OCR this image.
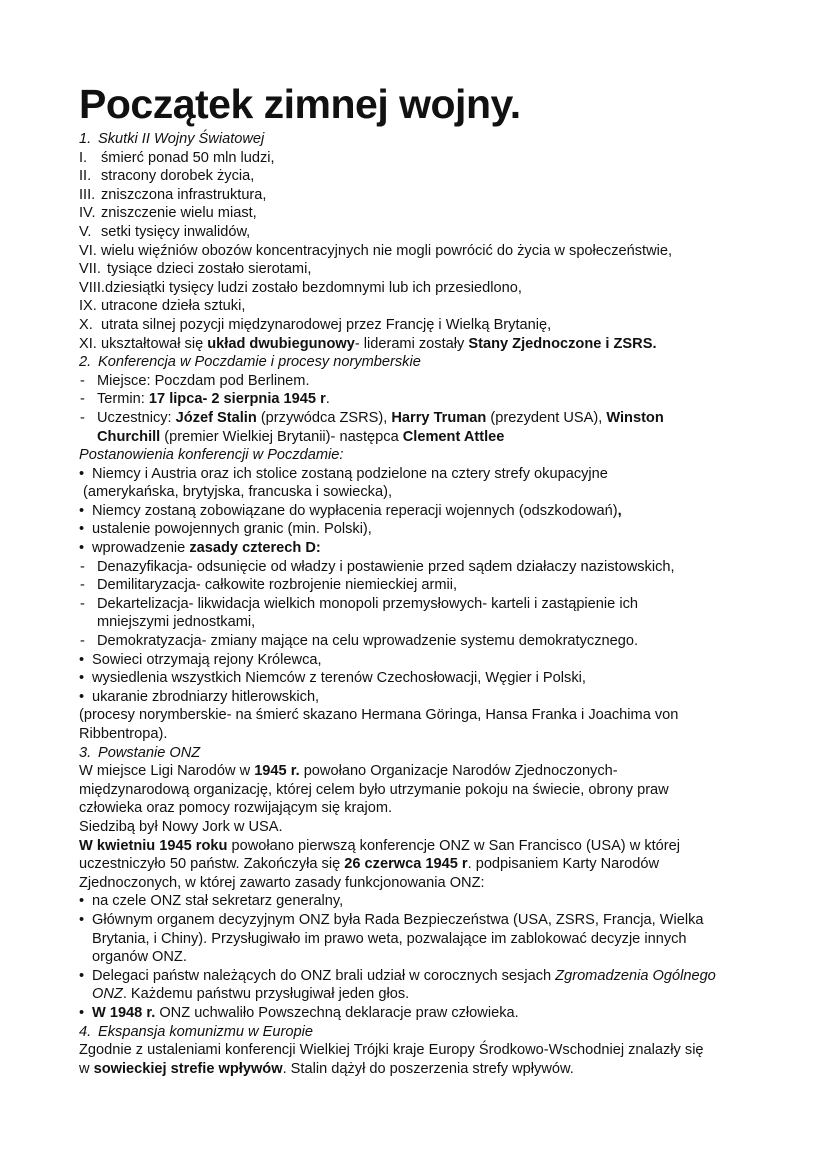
Początek zimnej wojny.
1. Skutki II Wojny Światowej
I. śmierć ponad 50 mln ludzi,
II. stracony dorobek życia,
III. zniszczona infrastruktura,
IV. zniszczenie wielu miast,
V. setki tysięcy inwalidów,
VI. wielu więźniów obozów koncentracyjnych nie mogli powrócić do życia w społeczeństwie,
VII. tysiące dzieci zostało sierotami,
VIII. dziesiątki tysięcy ludzi zostało bezdomnymi lub ich przesiedlono,
IX. utracone dzieła sztuki,
X. utrata silnej pozycji międzynarodowej przez Francję i Wielką Brytanię,
XI. ukształtował się układ dwubiegunowy- liderami zostały Stany Zjednoczone i ZSRS.
2. Konferencja w Poczdamie i procesy norymberskie
- Miejsce: Poczdam pod Berlinem.
- Termin: 17 lipca- 2 sierpnia 1945 r.
- Uczestnicy: Józef Stalin (przywódca ZSRS), Harry Truman (prezydent USA), Winston
Churchill (premier Wielkiej Brytanii)- następca Clement Attlee
Postanowienia konferencji w Poczdamie:
• Niemcy i Austria oraz ich stolice zostaną podzielone na cztery strefy okupacyjne
(amerykańska, brytyjska, francuska i sowiecka),
• Niemcy zostaną zobowiązane do wypłacenia reperacji wojennych (odszkodowań),
• ustalenie powojennych granic (min. Polski),
• wprowadzenie zasady czterech D:
- Denazyfikacja- odsunięcie od władzy i postawienie przed sądem działaczy nazistowskich,
- Demilitaryzacja- całkowite rozbrojenie niemieckiej armii,
- Dekartelizacja- likwidacja wielkich monopoli przemysłowych- karteli i zastąpienie ich
mniejszymi jednostkami,
- Demokratyzacja- zmiany mające na celu wprowadzenie systemu demokratycznego.
• Sowieci otrzymają rejony Królewca,
• wysiedlenia wszystkich Niemców z terenów Czechosłowacji, Węgier i Polski,
• ukaranie zbrodniarzy hitlerowskich,
(procesy norymberskie- na śmierć skazano Hermana Göringa, Hansa Franka i Joachima von
Ribbentropa).
3. Powstanie ONZ
W miejsce Ligi Narodów w 1945 r. powołano Organizacje Narodów Zjednoczonych-
międzynarodową organizację, której celem było utrzymanie pokoju na świecie, obrony praw
człowieka oraz pomocy rozwijającym się krajom.
Siedzibą był Nowy Jork w USA.
W kwietniu 1945 roku powołano pierwszą konferencje ONZ w San Francisco (USA) w której
uczestniczyło 50 państw. Zakończyła się 26 czerwca 1945 r. podpisaniem Karty Narodów
Zjednoczonych, w której zawarto zasady funkcjonowania ONZ:
• na czele ONZ stał sekretarz generalny,
• Głównym organem decyzyjnym ONZ była Rada Bezpieczeństwa (USA, ZSRS, Francja, Wielka
Brytania, i Chiny). Przysługiwało im prawo weta, pozwalające im zablokować decyzje innych
organów ONZ.
• Delegaci państw należących do ONZ brali udział w corocznych sesjach Zgromadzenia Ogólnego
ONZ. Każdemu państwu przysługiwał jeden głos.
• W 1948 r. ONZ uchwaliło Powszechną deklaracje praw człowieka.
4. Ekspansja komunizmu w Europie
Zgodnie z ustaleniami konferencji Wielkiej Trójki kraje Europy Środkowo-Wschodniej znalazły się
w sowieckiej strefie wpływów. Stalin dążył do poszerzenia strefy wpływów.
